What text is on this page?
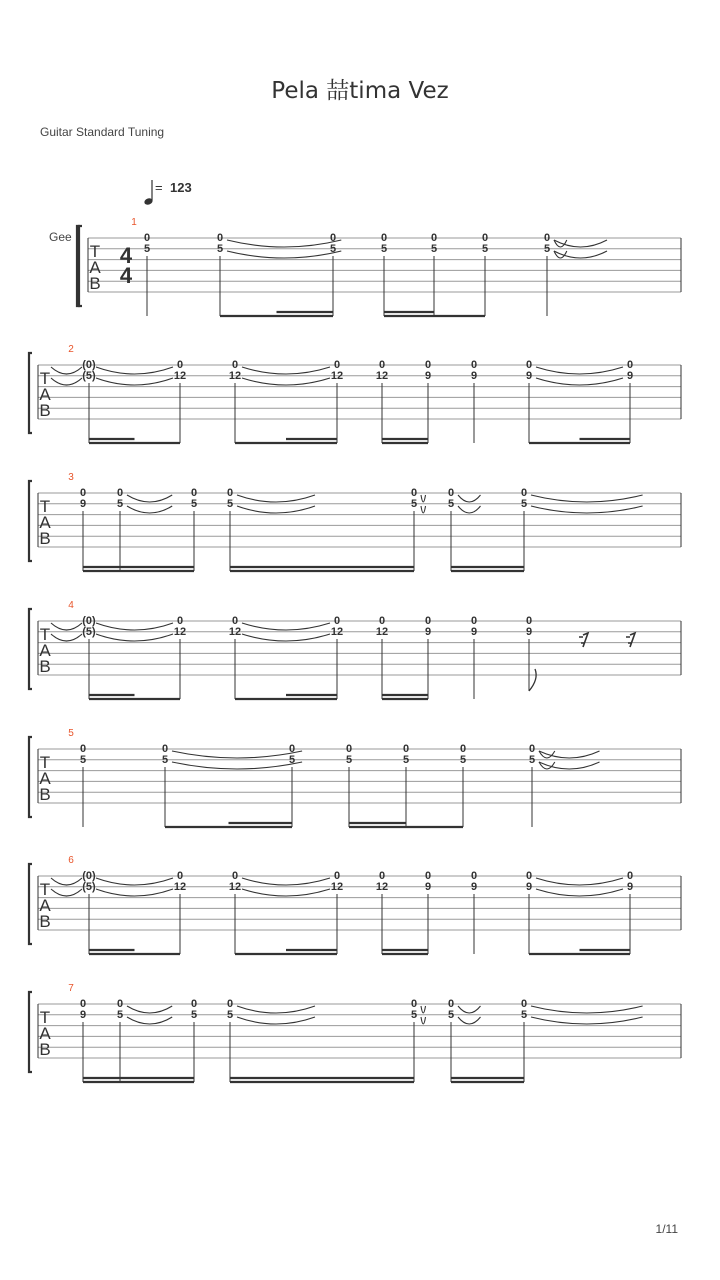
Pela 喆tima Vez
Guitar Standard Tuning
= 123
Gee
T
A
B
4
4
1
0
5
0
5
0
5
0
5
0
5
0
5
0
5
T
A
B
2
(0)
(5)
0
12
0
12
0
12
0
12
0
9
0
9
0
9
0
9
T
A
B
3
0
9
0
5
0
5
0
5
0
5
0
5
0
5
T
A
B
4
(0)
(5)
0
12
0
12
0
12
0
12
0
9
0
9
0
9
T
A
B
5
0
5
0
5
0
5
0
5
0
5
0
5
0
5
T
A
B
6
(0)
(5)
0
12
0
12
0
12
0
12
0
9
0
9
0
9
0
9
T
A
B
7
0
9
0
5
0
5
0
5
0
5
0
5
0
5
1/11
